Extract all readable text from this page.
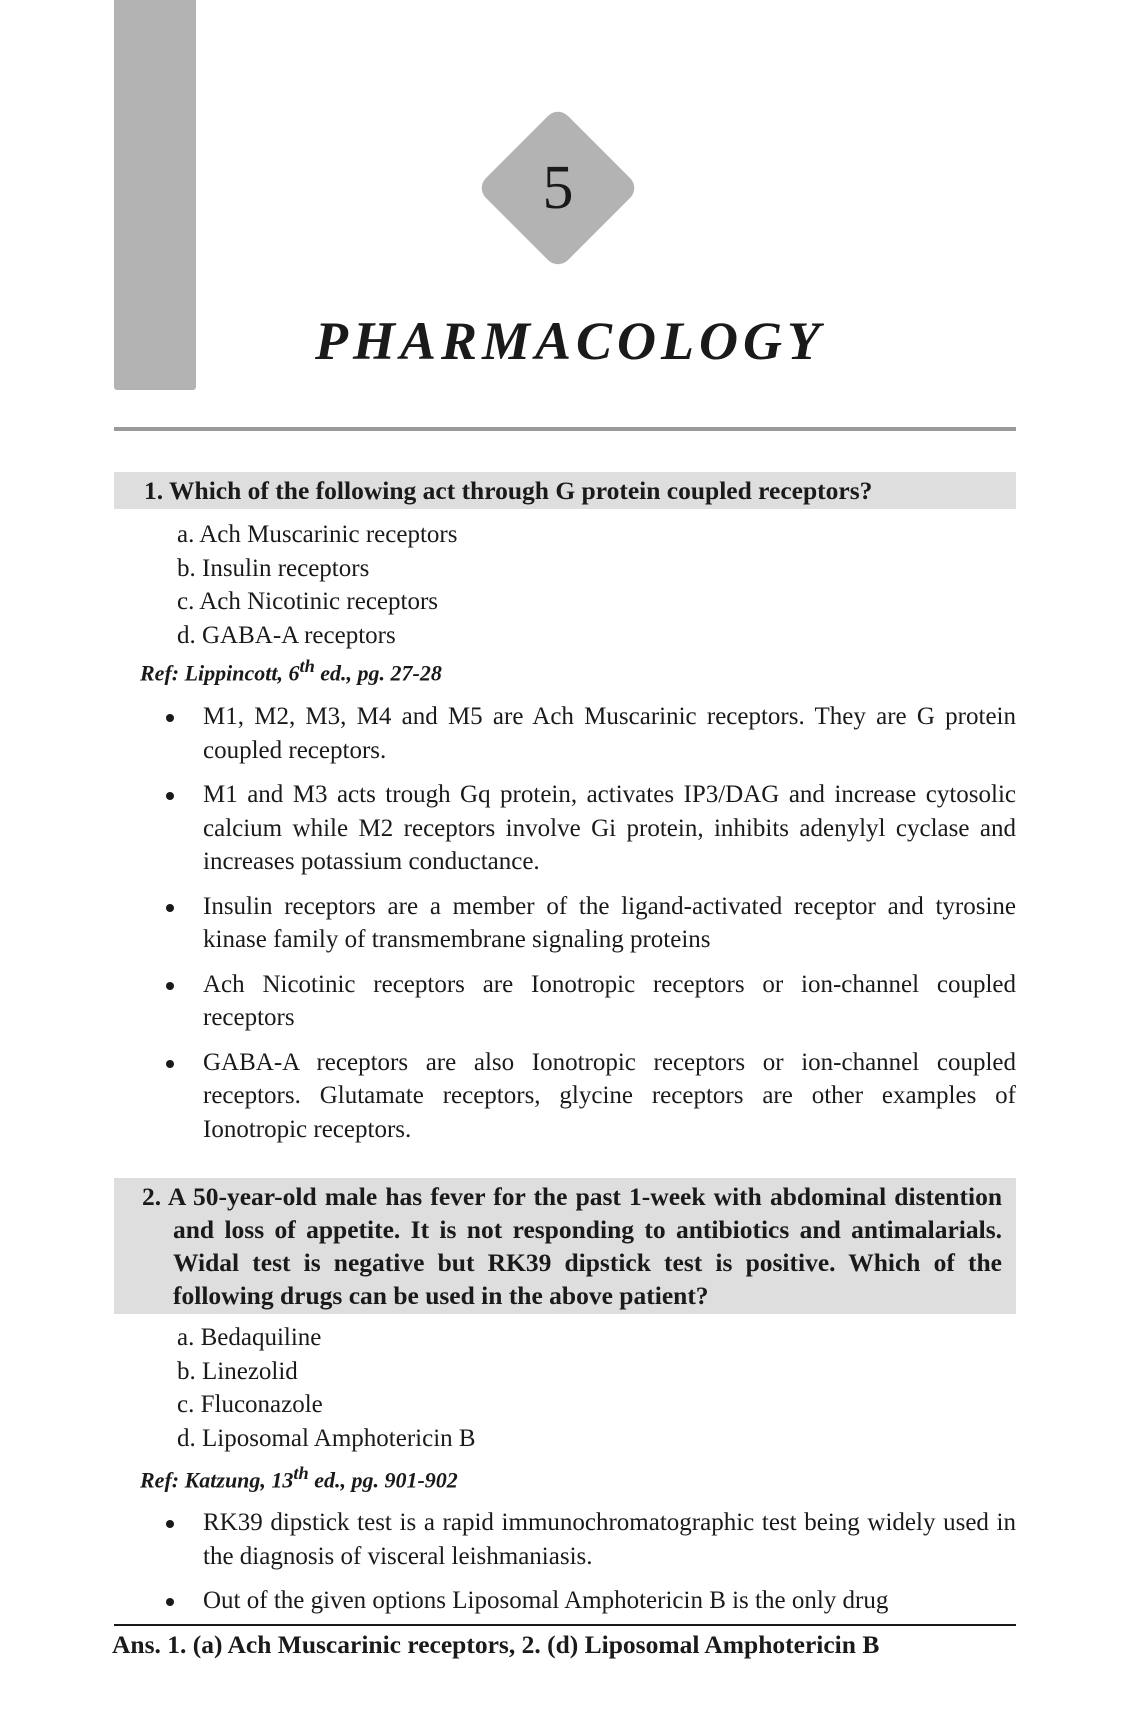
5
PHARMACOLOGY
1. Which of the following act through G protein coupled receptors?
a. Ach Muscarinic receptors
b. Insulin receptors
c. Ach Nicotinic receptors
d. GABA-A receptors
Ref: Lippincott, 6th ed., pg. 27-28
M1, M2, M3, M4 and M5 are Ach Muscarinic receptors. They are G protein coupled receptors.
M1 and M3 acts trough Gq protein, activates IP3/DAG and increase cytosolic calcium while M2 receptors involve Gi protein, inhibits adenylyl cyclase and increases potassium conductance.
Insulin receptors are a member of the ligand-activated receptor and tyrosine kinase family of transmembrane signaling proteins
Ach Nicotinic receptors are Ionotropic receptors or ion-channel coupled receptors
GABA-A receptors are also Ionotropic receptors or ion-channel coupled receptors. Glutamate receptors, glycine receptors are other examples of Ionotropic receptors.
2. A 50-year-old male has fever for the past 1-week with abdominal distention and loss of appetite. It is not responding to antibiotics and antimalarials. Widal test is negative but RK39 dipstick test is positive. Which of the following drugs can be used in the above patient?
a. Bedaquiline
b. Linezolid
c. Fluconazole
d. Liposomal Amphotericin B
Ref: Katzung, 13th ed., pg. 901-902
RK39 dipstick test is a rapid immunochromatographic test being widely used in the diagnosis of visceral leishmaniasis.
Out of the given options Liposomal Amphotericin B is the only drug
Ans. 1. (a) Ach Muscarinic receptors, 2. (d) Liposomal Amphotericin B
